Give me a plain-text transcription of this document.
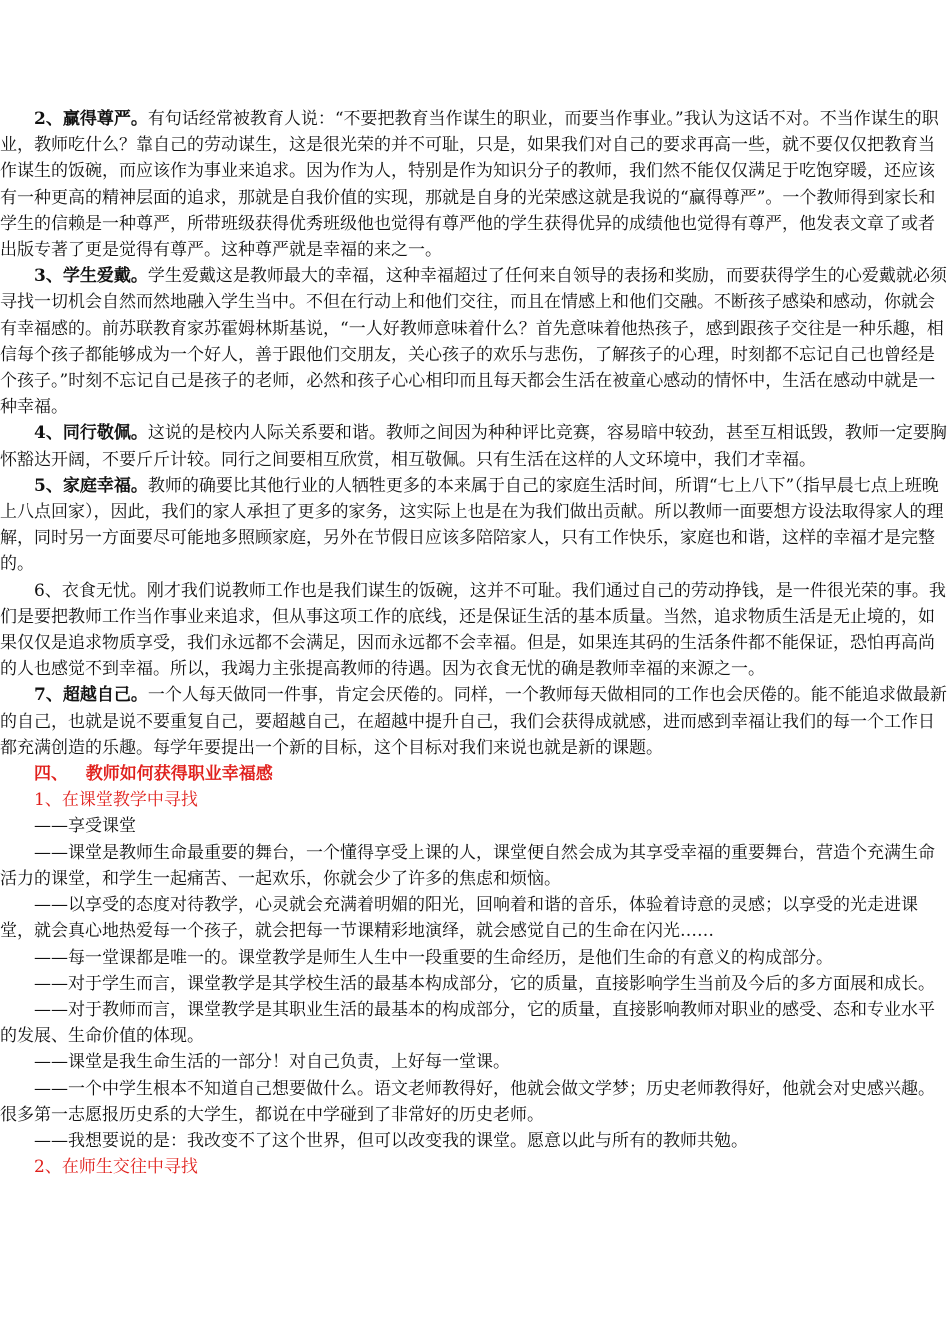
2、赢得尊严。有句话经常被教育人说：“不要把教育当作谋生的职业，而要当作事业。”我认为这话不对。不当作谋生的职业，教师吃什么？靠自己的劳动谋生，这是很光荣的并不可耻，只是，如果我们对自己的要求再高一些，就不要仅仅把教育当作谋生的饭碗，而应该作为事业来追求。因为作为人，特别是作为知识分子的教师，我们然不能仅仅满足于吃饱穿暖，还应该有一种更高的精神层面的追求，那就是自我价值的实现，那就是自身的光荣感这就是我说的“赢得尊严”。一个教师得到家长和学生的信赖是一种尊严，所带班级获得优秀班级他也觉得有尊严他的学生获得优异的成绩他也觉得有尊严，他发表文章了或者出版专著了更是觉得有尊严。这种尊严就是幸福的来之一。

3、学生爱戴。学生爱戴这是教师最大的幸福，这种幸福超过了任何来自领导的表扬和奖励，而要获得学生的心爱戴就必须寻找一切机会自然而然地融入学生当中。不但在行动上和他们交往，而且在情感上和他们交融。不断孩子感染和感动，你就会有幸福感的。前苏联教育家苏霍姆林斯基说，“一人好教师意味着什么？首先意味着他热孩子，感到跟孩子交往是一种乐趣，相信每个孩子都能够成为一个好人，善于跟他们交朋友，关心孩子的欢乐与悲伤，了解孩子的心理，时刻都不忘记自己也曾经是个孩子。”时刻不忘记自己是孩子的老师，必然和孩子心心相印而且每天都会生活在被童心感动的情怀中，生活在感动中就是一种幸福。

4、同行敬佩。这说的是校内人际关系要和谐。教师之间因为种种评比竞赛，容易暗中较劲，甚至互相诋毁，教师一定要胸怀豁达开阔，不要斤斤计较。同行之间要相互欣赏，相互敬佩。只有生活在这样的人文环境中，我们才幸福。

5、家庭幸福。教师的确要比其他行业的人牺牲更多的本来属于自己的家庭生活时间，所谓“七上八下”（指早晨七点上班晚上八点回家），因此，我们的家人承担了更多的家务，这实际上也是在为我们做出贡献。所以教师一面要想方设法取得家人的理解，同时另一方面要尽可能地多照顾家庭，另外在节假日应该多陪陪家人，只有工作快乐，家庭也和谐，这样的幸福才是完整的。

6、衣食无忧。刚才我们说教师工作也是我们谋生的饭碗，这并不可耻。我们通过自己的劳动挣钱，是一件很光荣的事。我们是要把教师工作当作事业来追求，但从事这项工作的底线，还是保证生活的基本质量。当然，追求物质生活是无止境的，如果仅仅是追求物质享受，我们永远都不会满足，因而永远都不会幸福。但是，如果连其码的生活条件都不能保证，恐怕再高尚的人也感觉不到幸福。所以，我竭力主张提高教师的待遇。因为衣食无忧的确是教师幸福的来源之一。

7、超越自己。一个人每天做同一件事，肯定会厌倦的。同样，一个教师每天做相同的工作也会厌倦的。能不能追求做最新的自己，也就是说不要重复自己，要超越自己，在超越中提升自己，我们会获得成就感，进而感到幸福让我们的每一个工作日都充满创造的乐趣。每学年要提出一个新的目标，这个目标对我们来说也就是新的课题。

四、   教师如何获得职业幸福感

1、在课堂教学中寻找

——享受课堂

——课堂是教师生命最重要的舞台，一个懂得享受上课的人，课堂便自然会成为其享受幸福的重要舞台，营造个充满生命活力的课堂，和学生一起痛苦、一起欢乐，你就会少了许多的焦虑和烦恼。

——以享受的态度对待教学，心灵就会充满着明媚的阳光，回响着和谐的音乐，体验着诗意的灵感；以享受的光走进课堂，就会真心地热爱每一个孩子，就会把每一节课精彩地演绎，就会感觉自己的生命在闪光……

——每一堂课都是唯一的。课堂教学是师生人生中一段重要的生命经历，是他们生命的有意义的构成部分。

——对于学生而言，课堂教学是其学校生活的最基本构成部分，它的质量，直接影响学生当前及今后的多方面展和成长。

——对于教师而言，课堂教学是其职业生活的最基本的构成部分，它的质量，直接影响教师对职业的感受、态和专业水平的发展、生命价值的体现。

——课堂是我生命生活的一部分！对自己负责，上好每一堂课。

——一个中学生根本不知道自己想要做什么。语文老师教得好，他就会做文学梦；历史老师教得好，他就会对史感兴趣。很多第一志愿报历史系的大学生，都说在中学碰到了非常好的历史老师。

——我想要说的是：我改变不了这个世界，但可以改变我的课堂。愿意以此与所有的教师共勉。

2、在师生交往中寻找
